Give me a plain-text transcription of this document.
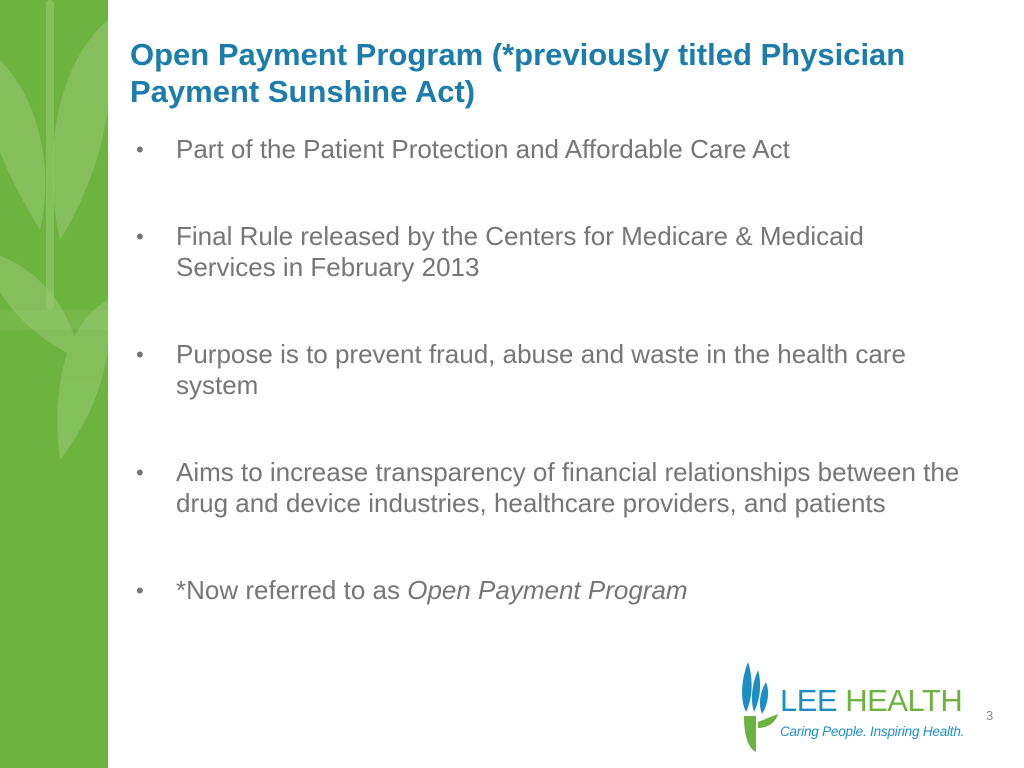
Open Payment Program (*previously titled Physician Payment Sunshine Act)
•	Part of the Patient Protection and Affordable Care Act
•	Final Rule released by the Centers for Medicare & Medicaid Services in February 2013
•	Purpose is to prevent fraud, abuse and waste in the health care system
•	Aims to increase transparency of financial relationships between the drug and device industries, healthcare providers, and patients
•	*Now referred to as Open Payment Program
LEE HEALTH
Caring People. Inspiring Health.
3
